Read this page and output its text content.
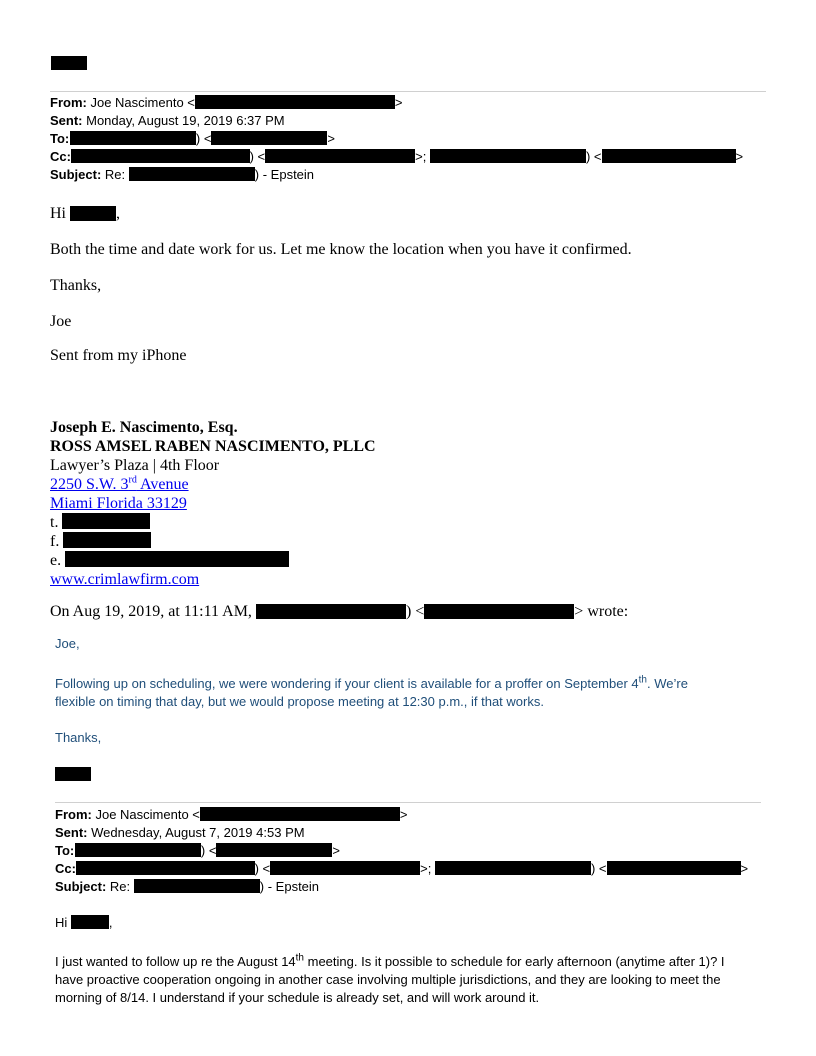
From: Joe Nascimento <	>
Sent: Monday, August 19, 2019 6:37 PM
To:	) <	>
Cc:	) <	>;	) <	>
Subject: Re:	) - Epstein
Hi	,
Both the time and date work for us. Let me know the location when you have it confirmed.
Thanks,
Joe
Sent from my iPhone
Joseph E. Nascimento, Esq.
ROSS AMSEL RABEN NASCIMENTO, PLLC
Lawyer’s Plaza | 4th Floor
2250 S.W. 3rd Avenue
Miami Florida 33129
t.
f.
e.
www.crimlawfirm.com
On Aug 19, 2019, at 11:11 AM,	) <	> wrote:
Joe,
Following up on scheduling, we were wondering if your client is available for a proffer on September 4th. We’re
flexible on timing that day, but we would propose meeting at 12:30 p.m., if that works.
Thanks,
From: Joe Nascimento <	>
Sent: Wednesday, August 7, 2019 4:53 PM
To:	) <	>
Cc:	) <	>;	) <	>
Subject: Re:	) - Epstein
Hi	,
I just wanted to follow up re the August 14th meeting. Is it possible to schedule for early afternoon (anytime after 1)? I
have proactive cooperation ongoing in another case involving multiple jurisdictions, and they are looking to meet the
morning of 8/14. I understand if your schedule is already set, and will work around it.
